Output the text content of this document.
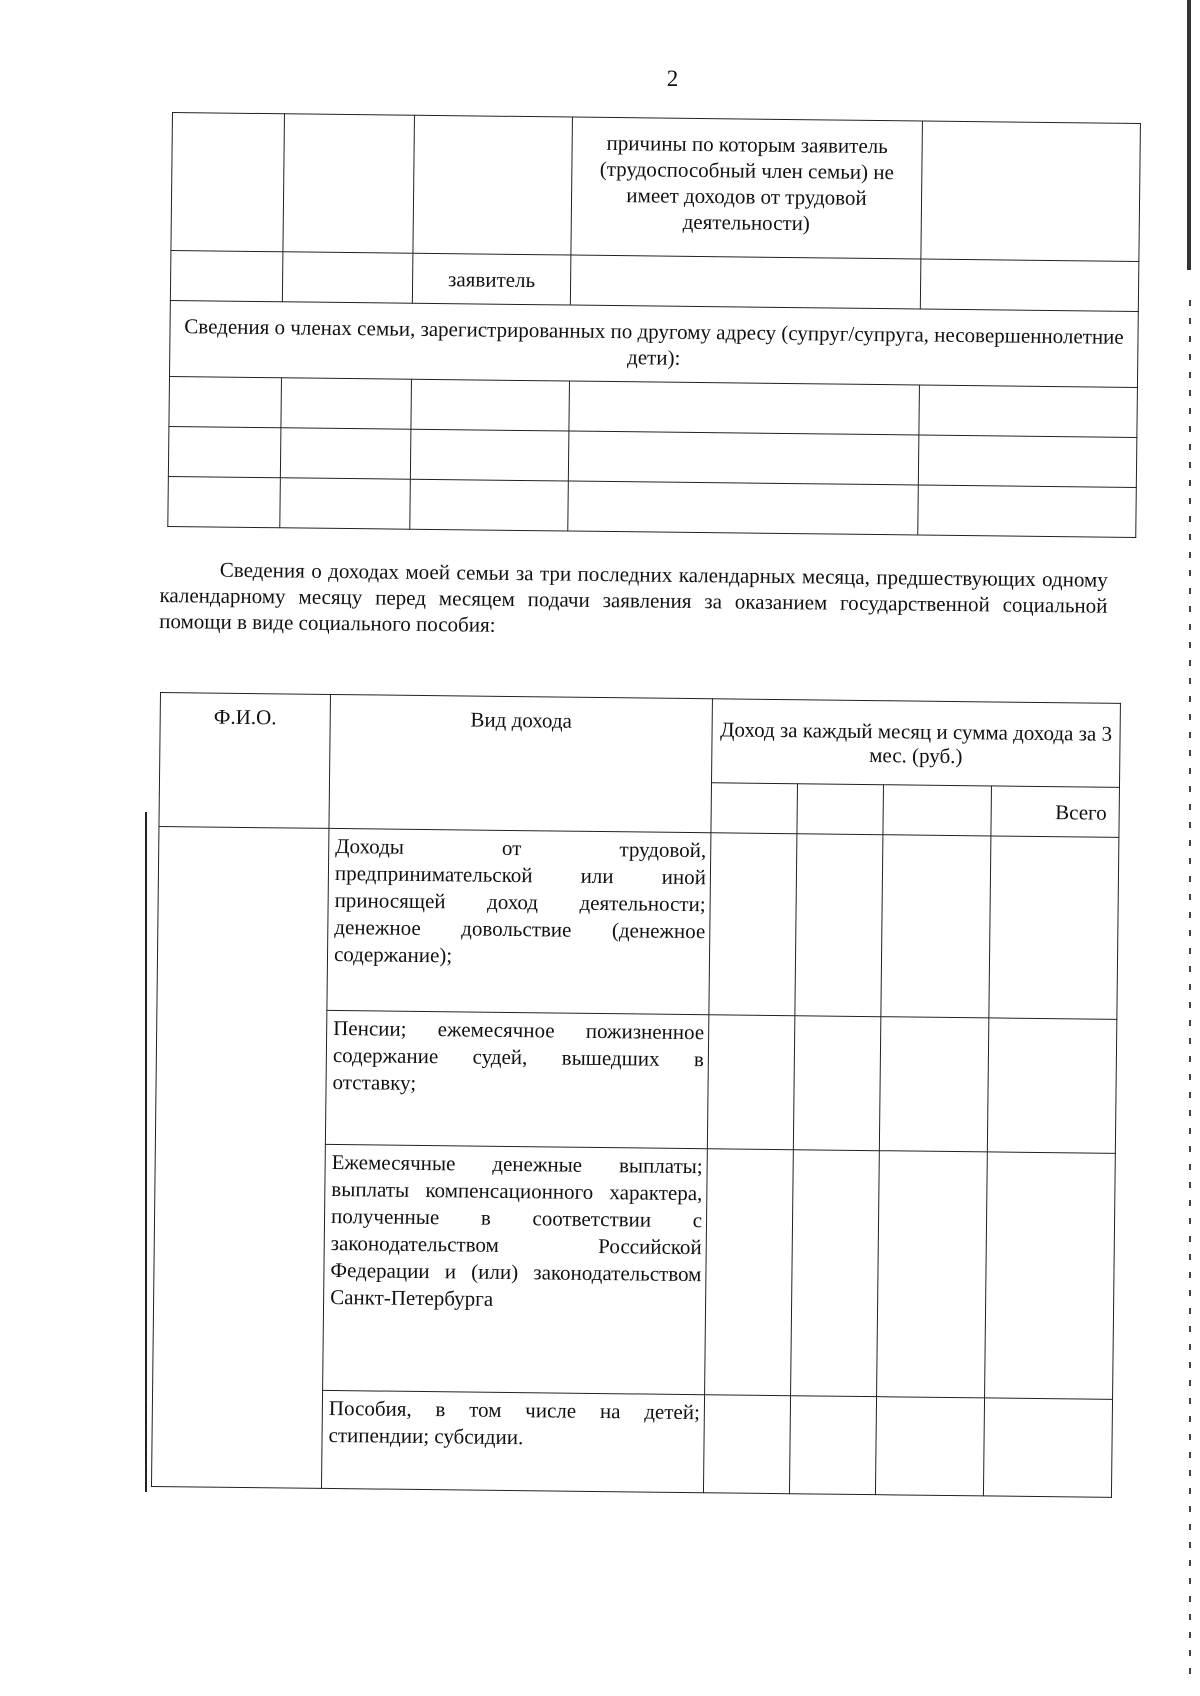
2
			причины по которым заявитель (трудоспособный член семьи) не имеет доходов от трудовой деятельности)	
		заявитель		
Сведения о членах семьи, зарегистрированных по другому адресу (супруг/супруга, несовершеннолетние дети):				

Сведения о доходах моей семьи за три последних календарных месяца, предшествующих одному календарному месяцу перед месяцем подачи заявления за оказанием государственной социальной помощи в виде социального пособия:
Ф.И.О.	Вид дохода	Доход за каждый месяц и сумма дохода за 3 мес. (руб.)			
					Всего

	Доходы от трудовой, предпринимательской или иной приносящей доход деятельности; денежное довольствие (денежное содержание);				

	Пенсии; ежемесячное пожизненное содержание судей, вышедших в отставку;				

	Ежемесячные денежные выплаты; выплаты компенсационного характера, полученные в соответствии с законодательством Российской Федерации и (или) законодательством Санкт-Петербурга				

	Пособия, в том числе на детей; стипендии; субсидии.				
